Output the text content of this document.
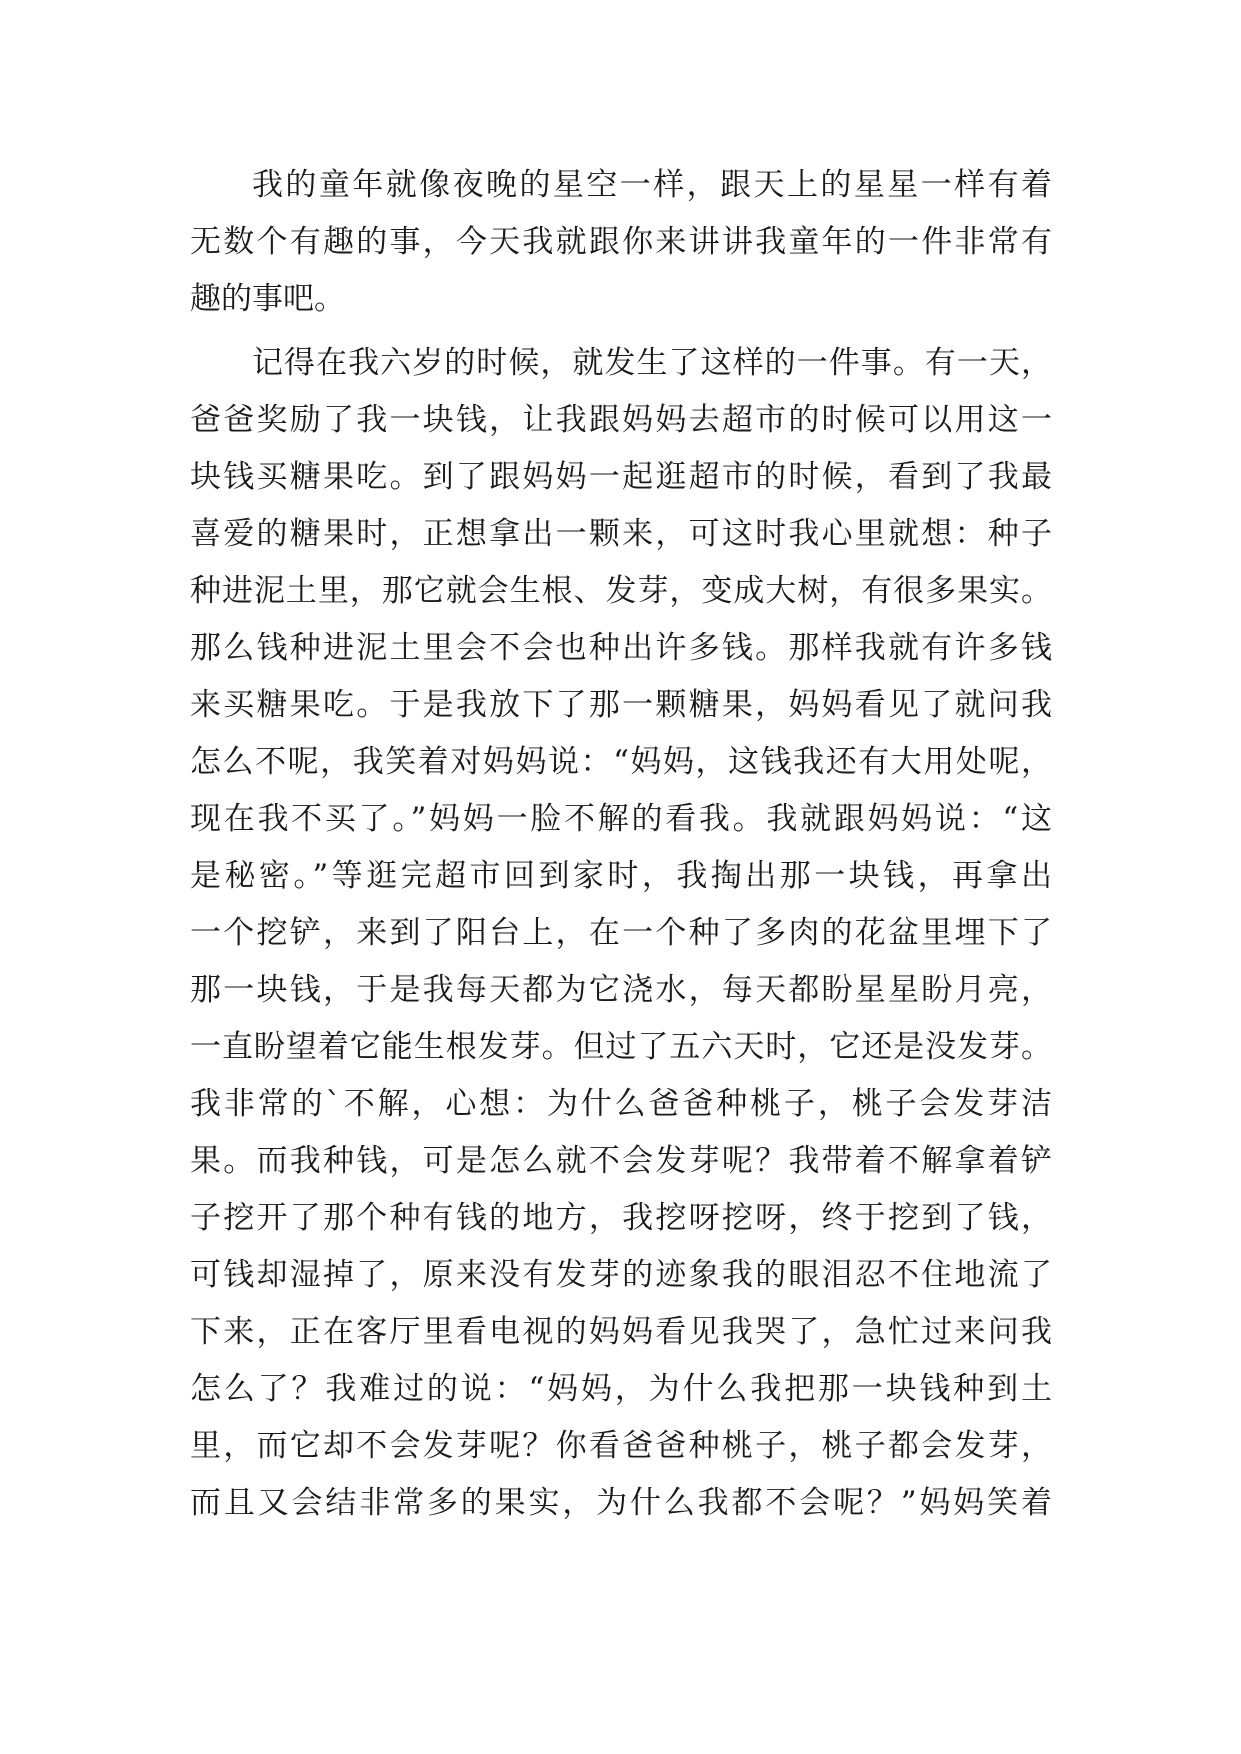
我的童年就像夜晚的星空一样，跟天上的星星一样有着
无数个有趣的事，今天我就跟你来讲讲我童年的一件非常有
趣的事吧。
记得在我六岁的时候，就发生了这样的一件事。有一天，
爸爸奖励了我一块钱，让我跟妈妈去超市的时候可以用这一
块钱买糖果吃。到了跟妈妈一起逛超市的时候，看到了我最
喜爱的糖果时，正想拿出一颗来，可这时我心里就想：种子
种进泥土里，那它就会生根、发芽，变成大树，有很多果实。
那么钱种进泥土里会不会也种出许多钱。那样我就有许多钱
来买糖果吃。于是我放下了那一颗糖果，妈妈看见了就问我
怎么不呢，我笑着对妈妈说：“妈妈，这钱我还有大用处呢，
现在我不买了。”妈妈一脸不解的看我。我就跟妈妈说：“这
是秘密。”等逛完超市回到家时，我掏出那一块钱，再拿出
一个挖铲，来到了阳台上，在一个种了多肉的花盆里埋下了
那一块钱，于是我每天都为它浇水，每天都盼星星盼月亮，
一直盼望着它能生根发芽。但过了五六天时，它还是没发芽。
我非常的`不解，心想：为什么爸爸种桃子，桃子会发芽洁
果。而我种钱，可是怎么就不会发芽呢？我带着不解拿着铲
子挖开了那个种有钱的地方，我挖呀挖呀，终于挖到了钱，
可钱却湿掉了，原来没有发芽的迹象我的眼泪忍不住地流了
下来，正在客厅里看电视的妈妈看见我哭了，急忙过来问我
怎么了？我难过的说：“妈妈，为什么我把那一块钱种到土
里，而它却不会发芽呢？你看爸爸种桃子，桃子都会发芽，
而且又会结非常多的果实，为什么我都不会呢？”妈妈笑着
